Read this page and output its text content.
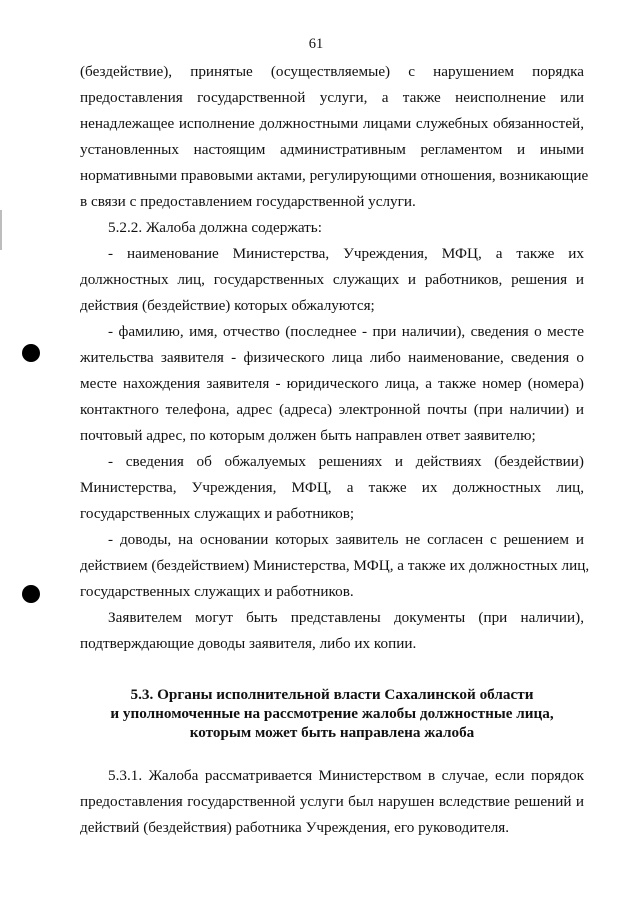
61
(бездействие), принятые (осуществляемые) с нарушением порядка
предоставления государственной услуги, а также неисполнение или
ненадлежащее исполнение должностными лицами служебных обязанностей,
установленных настоящим административным регламентом и иными
нормативными правовыми актами, регулирующими отношения, возникающие
в связи с предоставлением государственной услуги.
5.2.2. Жалоба должна содержать:
- наименование Министерства, Учреждения, МФЦ, а также их
должностных лиц, государственных служащих и работников, решения и
действия (бездействие) которых обжалуются;
- фамилию, имя, отчество (последнее - при наличии), сведения о месте
жительства заявителя - физического лица либо наименование, сведения о
месте нахождения заявителя - юридического лица, а также номер (номера)
контактного телефона, адрес (адреса) электронной почты (при наличии) и
почтовый адрес, по которым должен быть направлен ответ заявителю;
- сведения об обжалуемых решениях и действиях (бездействии)
Министерства, Учреждения, МФЦ, а также их должностных лиц,
государственных служащих и работников;
- доводы, на основании которых заявитель не согласен с решением и
действием (бездействием) Министерства, МФЦ, а также их должностных лиц,
государственных служащих и работников.
Заявителем могут быть представлены документы (при наличии),
подтверждающие доводы заявителя, либо их копии.
5.3. Органы исполнительной власти Сахалинской области
и уполномоченные на рассмотрение жалобы должностные лица,
которым может быть направлена жалоба
5.3.1. Жалоба рассматривается Министерством в случае, если порядок
предоставления государственной услуги был нарушен вследствие решений и
действий (бездействия) работника Учреждения, его руководителя.
